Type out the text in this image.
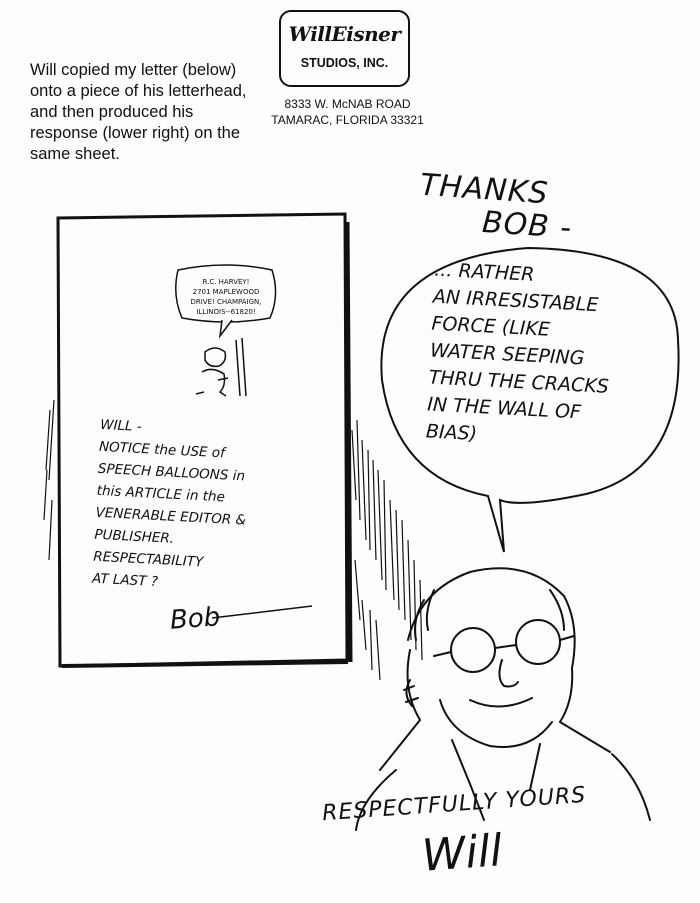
Will copied my letter (below) onto a piece of his letterhead, and then produced his response (lower right) on the same sheet.

WillEisner
STUDIOS, INC.
8333 W. McNAB ROAD
TAMARAC, FLORIDA 33321

THANKS

BOB -

... RATHER
AN IRRESISTABLE
FORCE (LIKE
WATER SEEPING
THRU THE CRACKS
IN THE WALL OF
BIAS)

R.C. HARVEY!
2701 MAPLEWOOD
DRIVE! CHAMPAIGN,
ILLINOIS--61820!

WILL -
NOTICE the USE of
SPEECH BALLOONS in
this ARTICLE in the
VENERABLE EDITOR &
PUBLISHER.
RESPECTABILITY
AT LAST ?

Bob

RESPECTFULLY YOURS

Will
